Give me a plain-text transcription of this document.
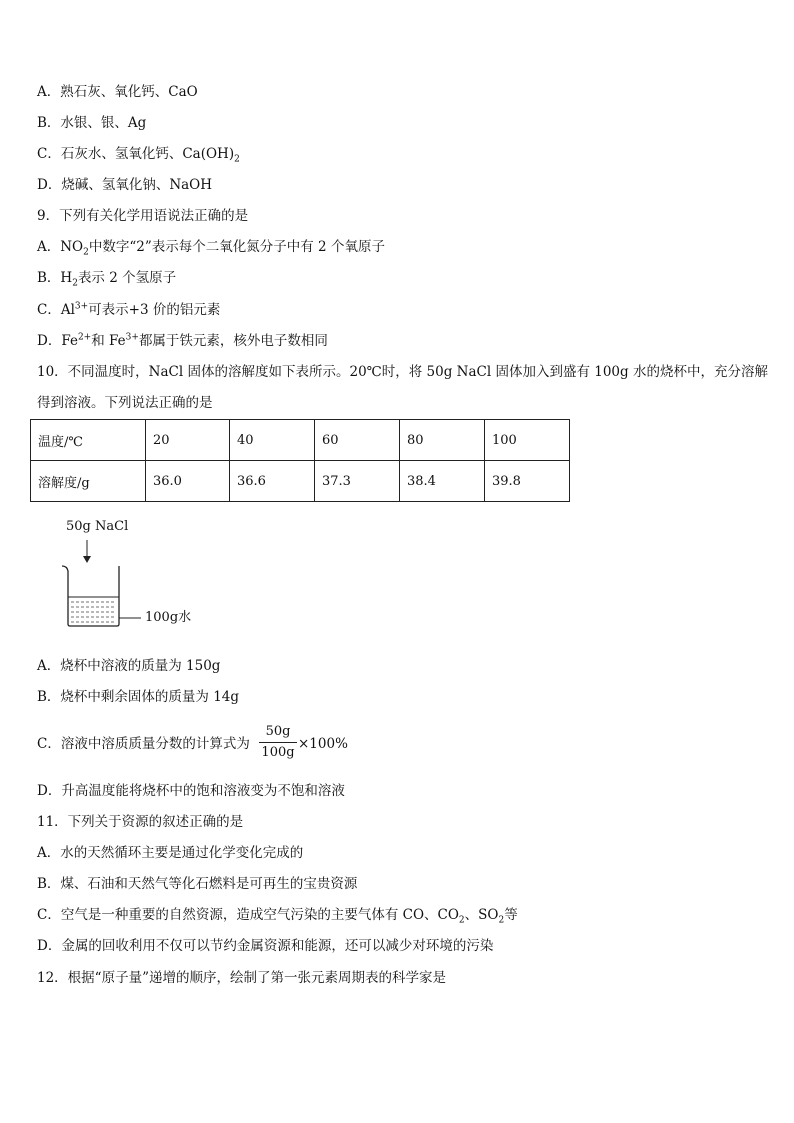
A．熟石灰、氧化钙、CaO
B．水银、银、Ag
C．石灰水、氢氧化钙、$Ca(OH)_2$
D．烧碱、氢氧化钠、NaOH
9．下列有关化学用语说法正确的是
A．$NO_2$中数字“2”表示每个二氧化氮分子中有 2 个氧原子
B．$H_2$表示 2 个氢原子
C．$Al^{3+}$可表示+3 价的铝元素
D．$Fe^{2+}$和 $Fe^{3+}$都属于铁元素，核外电子数相同
10．不同温度时，NaCl 固体的溶解度如下表所示。20℃时，将 50g NaCl 固体加入到盛有 100g 水的烧杯中，充分溶解
得到溶液。下列说法正确的是
温度/℃	20	40	60	80	100
溶解度/g	36.0	36.6	37.3	38.4	39.8
50g NaCl
100g水
A．烧杯中溶液的质量为 150g
B．烧杯中剩余固体的质量为 14g
C．溶液中溶质质量分数的计算式为
50g
100g
×100%
D．升高温度能将烧杯中的饱和溶液变为不饱和溶液
11．下列关于资源的叙述正确的是
A．水的天然循环主要是通过化学变化完成的
B．煤、石油和天然气等化石燃料是可再生的宝贵资源
C．空气是一种重要的自然资源，造成空气污染的主要气体有 CO、$CO_2$、$SO_2$等
D．金属的回收利用不仅可以节约金属资源和能源，还可以减少对环境的污染
12．根据“原子量”递增的顺序，绘制了第一张元素周期表的科学家是
